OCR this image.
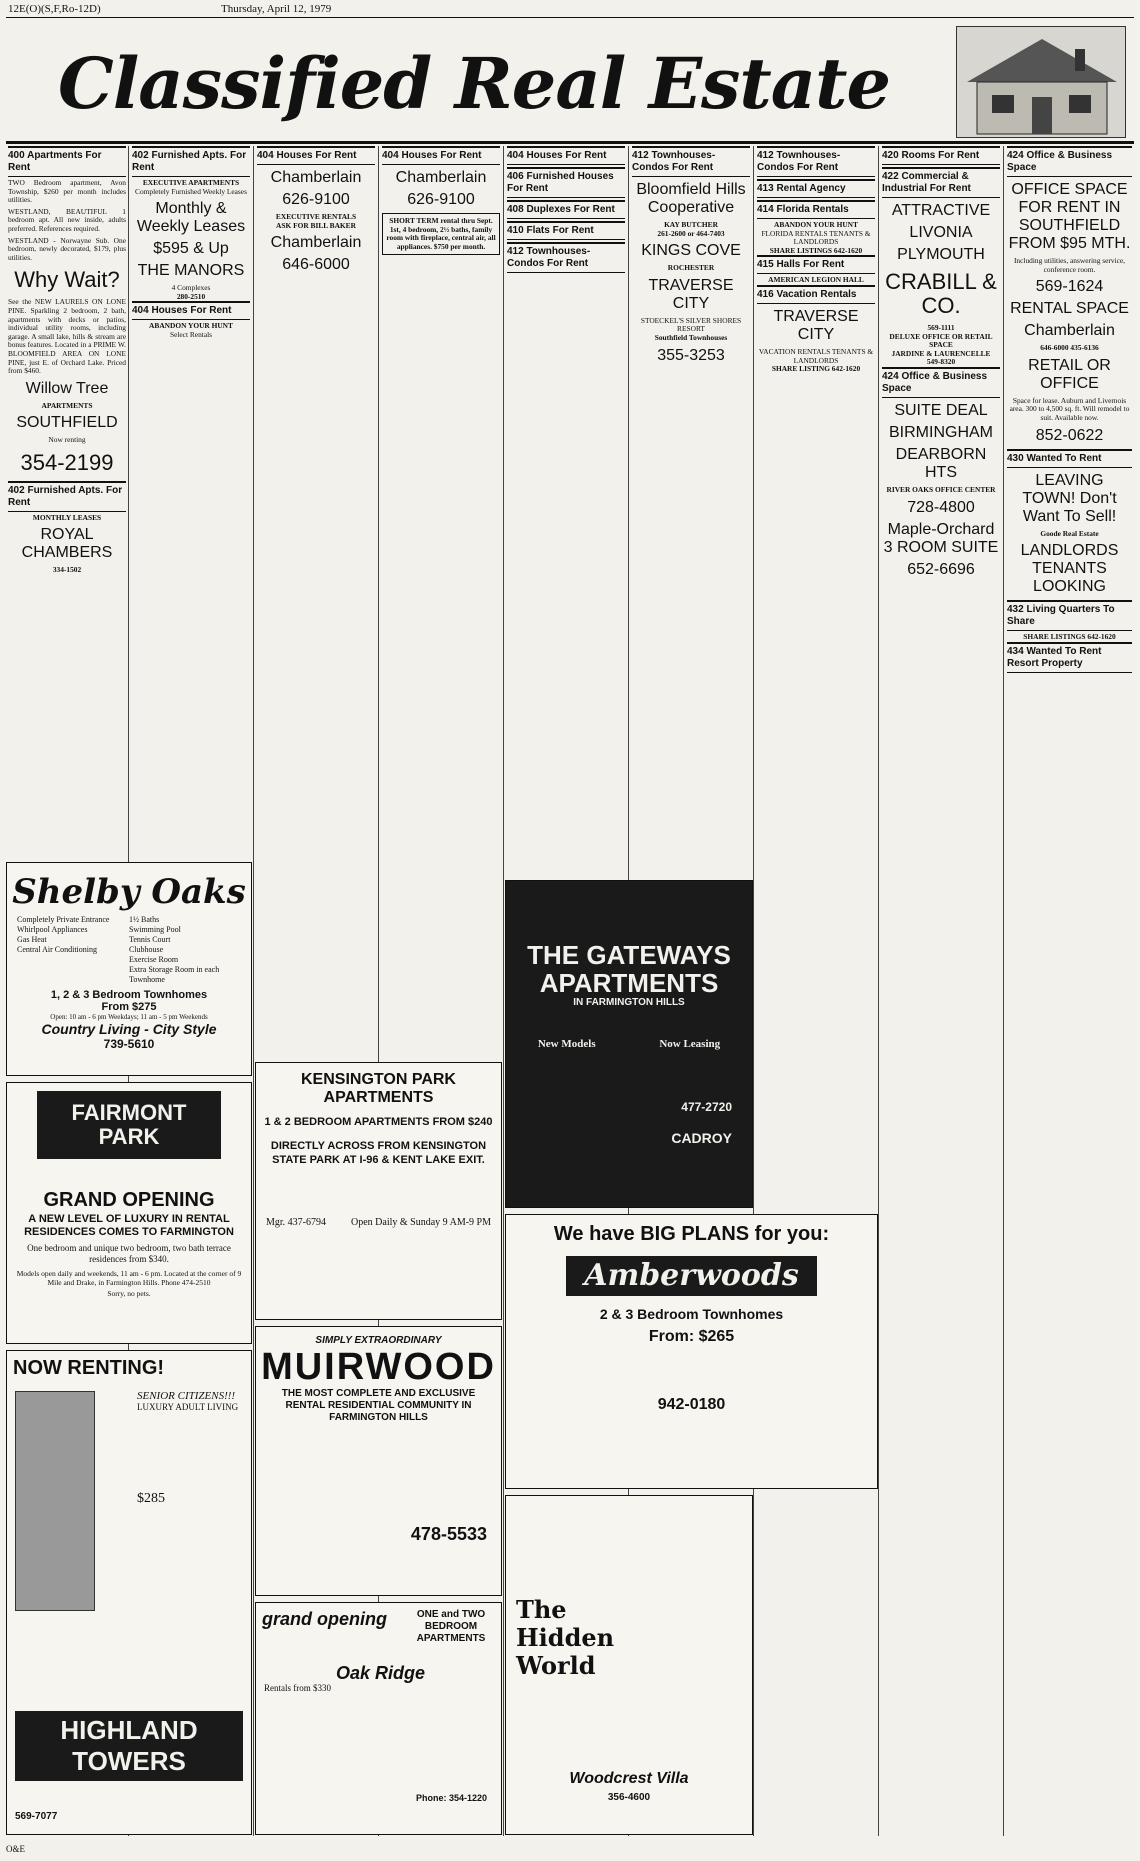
12E(O)(S,F,Ro-12D)	Thursday, April 12, 1979
Classified Real Estate
400 Apartments For Rent

TWO Bedroom apartment, Avon Township, $260 per month includes utilities.

WESTLAND, BEAUTIFUL 1 bedroom apt. All new inside, adults preferred. References required.

WESTLAND - Norwayne Sub. One bedroom, newly decorated, $179, plus utilities.

Why Wait?

See the NEW LAURELS ON LONE PINE. Sparkling 2 bedroom, 2 bath, apartments with decks or patios, individual utility rooms, including garage. A small lake, hills & stream are bonus features. Located in a PRIME W. BLOOMFIELD AREA ON LONE PINE, just E. of Orchard Lake. Priced from $460.

Willow Tree
APARTMENTS
SOUTHFIELD
Now renting
354-2199
402 Furnished Apts. For Rent
MONTHLY LEASES
ROYAL CHAMBERS
334-1502
402 Furnished Apts. For Rent
EXECUTIVE APARTMENTS
Completely Furnished Weekly Leases
Monthly & Weekly Leases
$595 & Up
THE MANORS
4 Complexes
280-2510
404 Houses For Rent
ABANDON YOUR HUNT
Select Rentals
404 Houses For Rent
Chamberlain
626-9100
EXECUTIVE RENTALS
ASK FOR BILL BAKER
Chamberlain
646-6000
404 Houses For Rent
Chamberlain
626-9100
SHORT TERM rental thru Sept. 1st, 4 bedroom, 2½ baths, family room with fireplace, central air, all appliances. $750 per month.
404 Houses For Rent
406 Furnished Houses For Rent
408 Duplexes For Rent
410 Flats For Rent
412 Townhouses-Condos For Rent
412 Townhouses-Condos For Rent
Bloomfield Hills Cooperative
KAY BUTCHER
261-2600 or 464-7403
KINGS COVE
ROCHESTER
TRAVERSE CITY
STOECKEL'S SILVER SHORES RESORT
Southfield Townhouses
355-3253
412 Townhouses-Condos For Rent
413 Rental Agency
414 Florida Rentals
ABANDON YOUR HUNT
FLORIDA RENTALS TENANTS & LANDLORDS
SHARE LISTINGS 642-1620
415 Halls For Rent
AMERICAN LEGION HALL
416 Vacation Rentals
TRAVERSE CITY
VACATION RENTALS TENANTS & LANDLORDS
SHARE LISTING 642-1620
420 Rooms For Rent
422 Commercial & Industrial For Rent
ATTRACTIVE
LIVONIA
PLYMOUTH
CRABILL & CO.
569-1111
DELUXE OFFICE OR RETAIL SPACE
JARDINE & LAURENCELLE
549-8320
424 Office & Business Space
SUITE DEAL
BIRMINGHAM
DEARBORN HTS
RIVER OAKS OFFICE CENTER
728-4800
Maple-Orchard 3 ROOM SUITE
652-6696
424 Office & Business Space
OFFICE SPACE FOR RENT IN SOUTHFIELD FROM $95 MTH.
Including utilities, answering service, conference room.
569-1624
RENTAL SPACE
Chamberlain
646-6000 435-6136
RETAIL OR OFFICE
Space for lease. Auburn and Livernois area. 300 to 4,500 sq. ft. Will remodel to suit. Available now.
852-0622
430 Wanted To Rent
LEAVING TOWN! Don't Want To Sell!
Goode Real Estate
LANDLORDS TENANTS LOOKING
432 Living Quarters To Share
SHARE LISTINGS 642-1620
434 Wanted To Rent Resort Property
Shelby Oaks
Completely Private Entrance	1½ Baths
Whirlpool Appliances	Swimming Pool
Gas Heat	Tennis Court
Central Air Conditioning	Clubhouse
Exercise Room
Extra Storage Room in each Townhome
1, 2 & 3 Bedroom Townhomes
From $275
Open: 10 am - 6 pm Weekdays; 11 am - 5 pm Weekends
Country Living - City Style
739-5610
FAIRMONT PARK
GRAND OPENING
A NEW LEVEL OF LUXURY IN RENTAL RESIDENCES COMES TO FARMINGTON
One bedroom and unique two bedroom, two bath terrace residences from $340.
Models open daily and weekends, 11 am - 6 pm. Located at the corner of 9 Mile and Drake, in Farmington Hills. Phone 474-2510
Sorry, no pets.
NOW RENTING!
SENIOR CITIZENS!!!
LUXURY ADULT LIVING
$285
HIGHLAND TOWERS
569-7077
KENSINGTON PARK APARTMENTS
1 & 2 BEDROOM APARTMENTS FROM $240
DIRECTLY ACROSS FROM KENSINGTON STATE PARK AT I-96 & KENT LAKE EXIT.
Mgr. 437-6794	Open Daily & Sunday 9 AM-9 PM
SIMPLY EXTRAORDINARY
MUIRWOOD
THE MOST COMPLETE AND EXCLUSIVE RENTAL RESIDENTIAL COMMUNITY IN FARMINGTON HILLS
478-5533
grand opening	ONE and TWO BEDROOM APARTMENTS
Oak Ridge
Rentals from $330
Phone: 354-1220
THE GATEWAYS APARTMENTS
IN FARMINGTON HILLS
New Models	Now Leasing
477-2720
CADROY
We have BIG PLANS for you:
Amberwoods
2 & 3 Bedroom Townhomes
From: $265
942-0180
The Hidden World
Woodcrest Villa
356-4600
O&E
